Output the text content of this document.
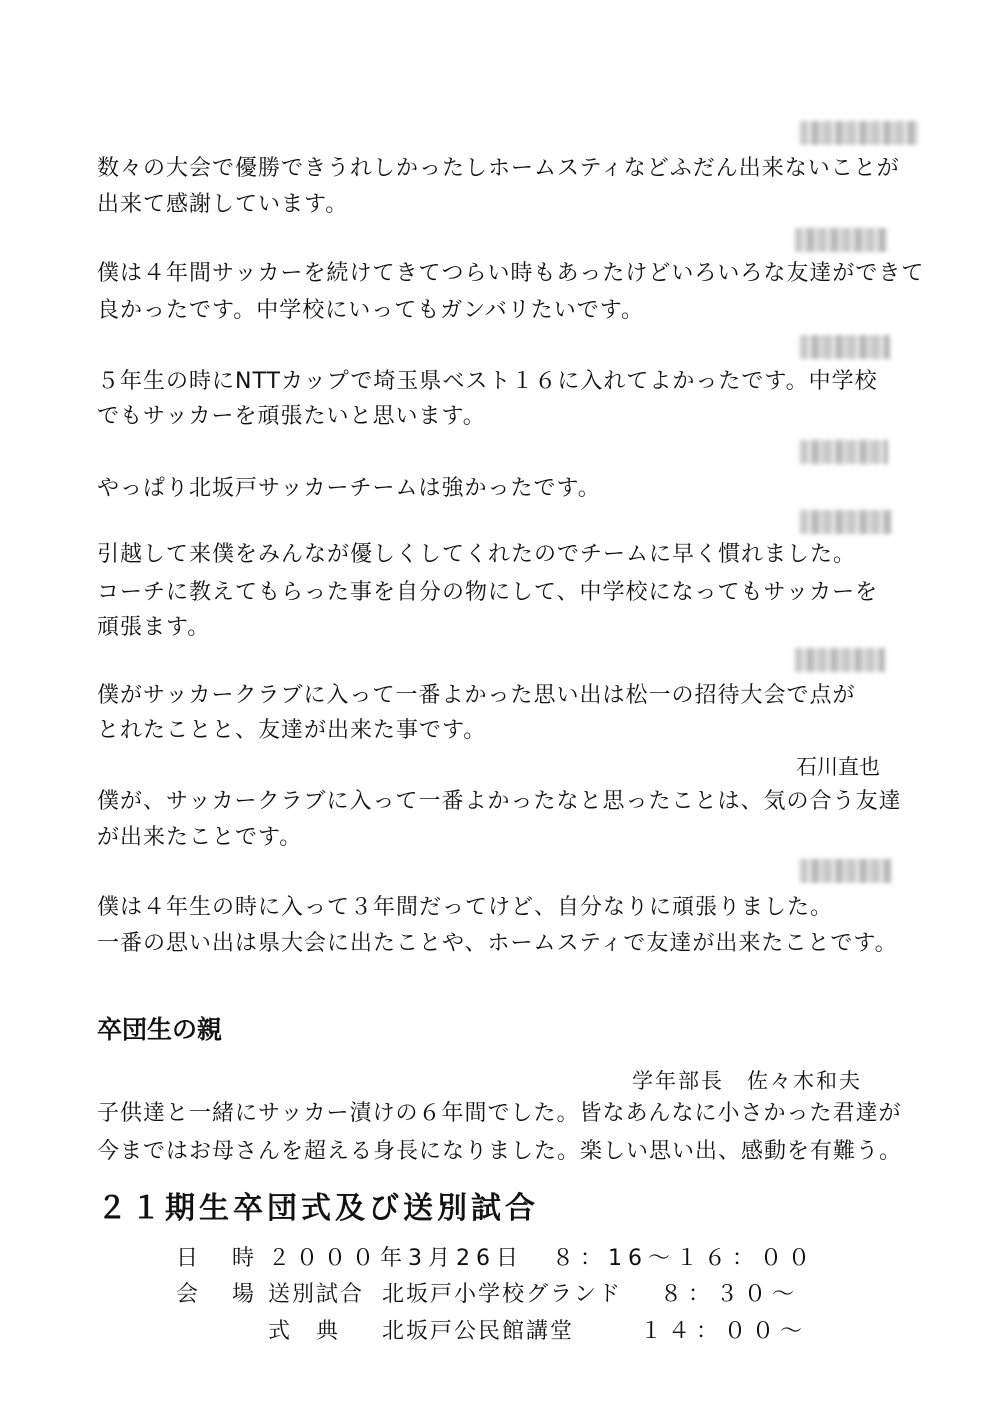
数々の大会で優勝できうれしかったしホームスティなどふだん出来ないことが

出来て感謝しています。

僕は４年間サッカーを続けてきてつらい時もあったけどいろいろな友達ができて

良かったです。中学校にいってもガンバリたいです。

５年生の時にNTTカップで埼玉県ベスト１６に入れてよかったです。中学校

でもサッカーを頑張たいと思います。

やっぱり北坂戸サッカーチームは強かったです。

引越して来僕をみんなが優しくしてくれたのでチームに早く慣れました。

コーチに教えてもらった事を自分の物にして、中学校になってもサッカーを

頑張ます。

僕がサッカークラブに入って一番よかった思い出は松一の招待大会で点が

とれたことと、友達が出来た事です。

石川直也

僕が、サッカークラブに入って一番よかったなと思ったことは、気の合う友達

が出来たことです。

僕は４年生の時に入って３年間だってけど、自分なりに頑張りました。

一番の思い出は県大会に出たことや、ホームスティで友達が出来たことです。

卒団生の親
学年部長　佐々木和夫

子供達と一緒にサッカー漬けの６年間でした。皆なあんなに小さかった君達が

今まではお母さんを超える身長になりました。楽しい思い出、感動を有難う。

２１期生卒団式及び送別試合
日　時 ２０００年3月26日　８：16〜１６：００
会　場 送別試合 北坂戸小学校グランド ８：３０〜
式　典 北坂戸公民館講堂	１４：００〜
